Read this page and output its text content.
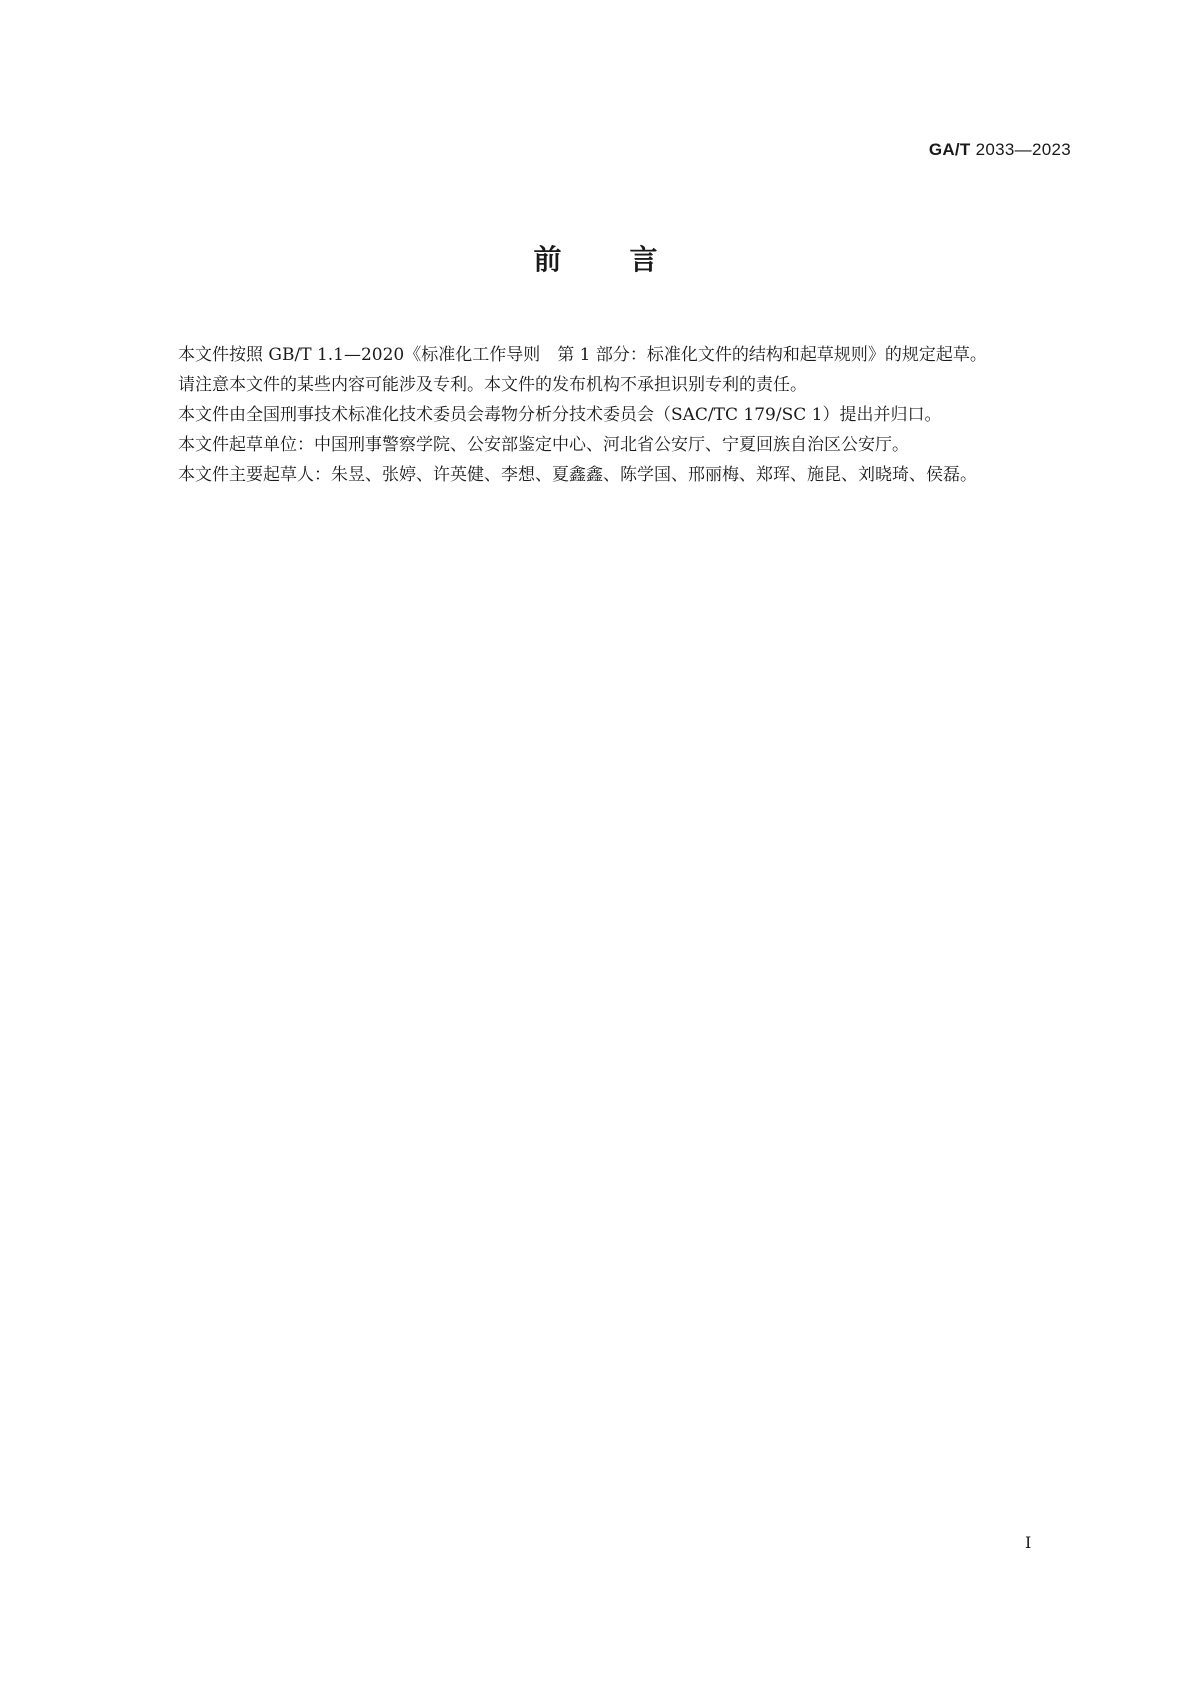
GA/T 2033—2023
前言

本文件按照 GB/T 1.1—2020《标准化工作导则　第 1 部分：标准化文件的结构和起草规则》的规定起草。

请注意本文件的某些内容可能涉及专利。本文件的发布机构不承担识别专利的责任。

本文件由全国刑事技术标准化技术委员会毒物分析分技术委员会（SAC/TC 179/SC 1）提出并归口。

本文件起草单位：中国刑事警察学院、公安部鉴定中心、河北省公安厅、宁夏回族自治区公安厅。

本文件主要起草人：朱昱、张婷、许英健、李想、夏鑫鑫、陈学国、邢丽梅、郑珲、施昆、刘晓琦、侯磊。

I
